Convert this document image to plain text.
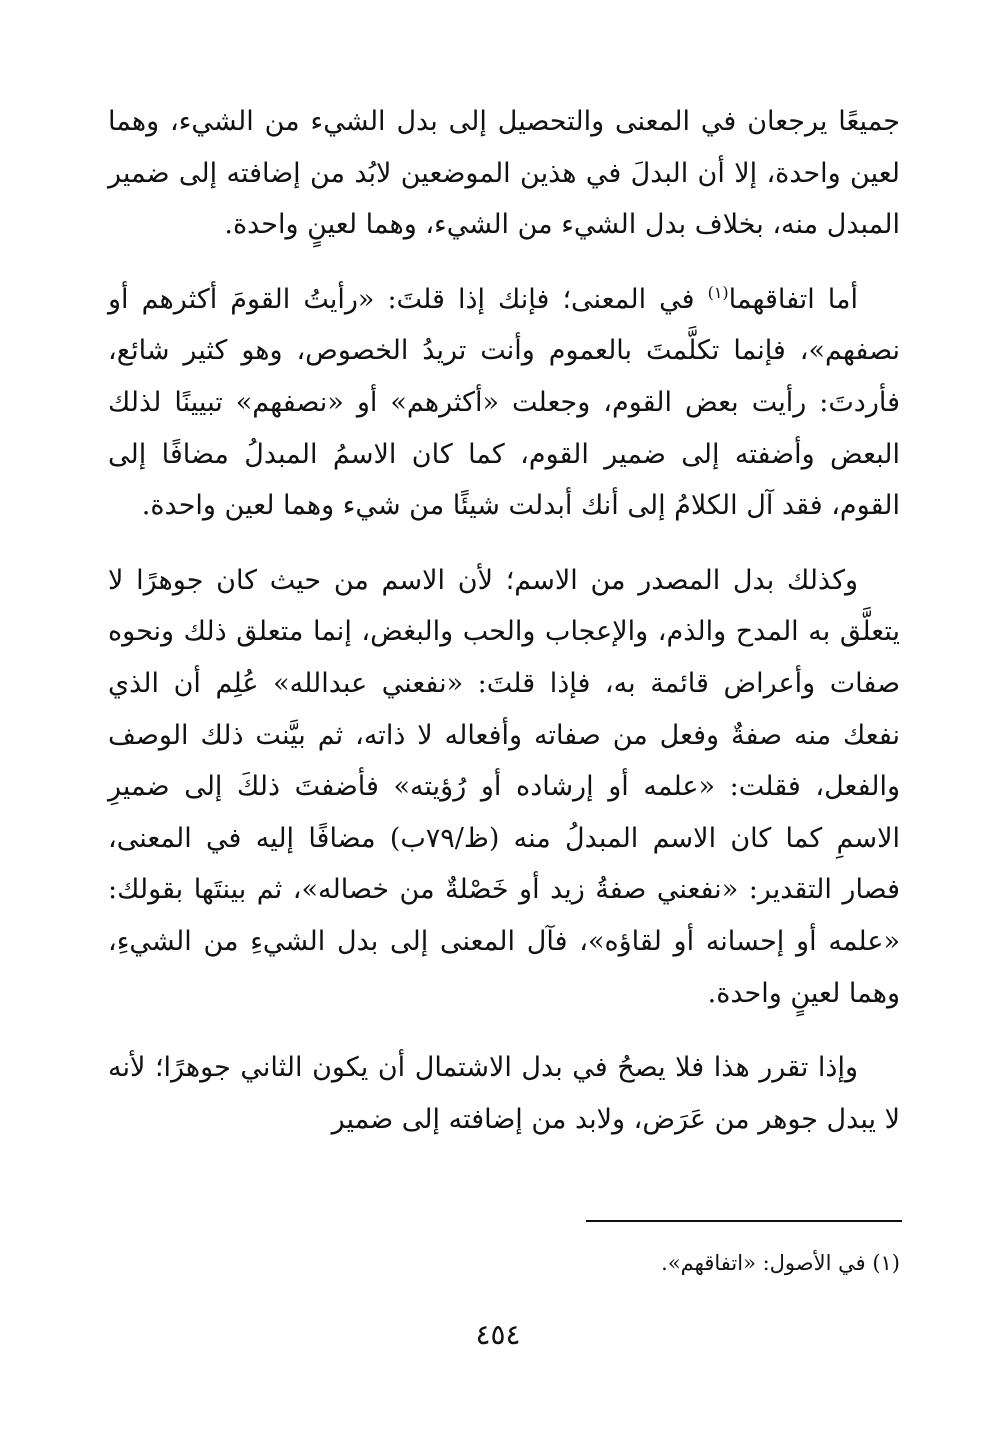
جميعًا يرجعان في المعنى والتحصيل إلى بدل الشيء من الشيء، وهما لعين واحدة، إلا أن البدلَ في هذين الموضعين لابُد من إضافته إلى ضمير المبدل منه، بخلاف بدل الشيء من الشيء، وهما لعينٍ واحدة.

أما اتفاقهما$^{(١)}$ في المعنى؛ فإنك إذا قلتَ: «رأيتُ القومَ أكثرهم أو نصفهم»، فإنما تكلَّمتَ بالعموم وأنت تريدُ الخصوص، وهو كثير شائع، فأردتَ: رأيت بعض القوم، وجعلت «أكثرهم» أو «نصفهم» تبيينًا لذلك البعض وأضفته إلى ضمير القوم، كما كان الاسمُ المبدلُ مضافًا إلى القوم، فقد آل الكلامُ إلى أنك أبدلت شيئًا من شيء وهما لعين واحدة.

وكذلك بدل المصدر من الاسم؛ لأن الاسم من حيث كان جوهرًا لا يتعلَّق به المدح والذم، والإعجاب والحب والبغض، إنما متعلق ذلك ونحوه صفات وأعراض قائمة به، فإذا قلتَ: «نفعني عبدالله» عُلِم أن الذي نفعك منه صفةٌ وفعل من صفاته وأفعاله لا ذاته، ثم بيَّنت ذلك الوصف والفعل، فقلت: «علمه أو إرشاده أو رُؤيته» فأضفتَ ذلكَ إلى ضميرِ الاسمِ كما كان الاسم المبدلُ منه (ظ/٧٩ب) مضافًا إليه في المعنى، فصار التقدير: «نفعني صفةُ زيد أو خَصْلةٌ من خصاله»، ثم بينتَها بقولك: «علمه أو إحسانه أو لقاؤه»، فآل المعنى إلى بدل الشيءِ من الشيءِ، وهما لعينٍ واحدة.

وإذا تقرر هذا فلا يصحُ في بدل الاشتمال أن يكون الثاني جوهرًا؛ لأنه لا يبدل جوهر من عَرَض، ولابد من إضافته إلى ضمير

(١) في الأصول: «اتفاقهم».
٤٥٤
